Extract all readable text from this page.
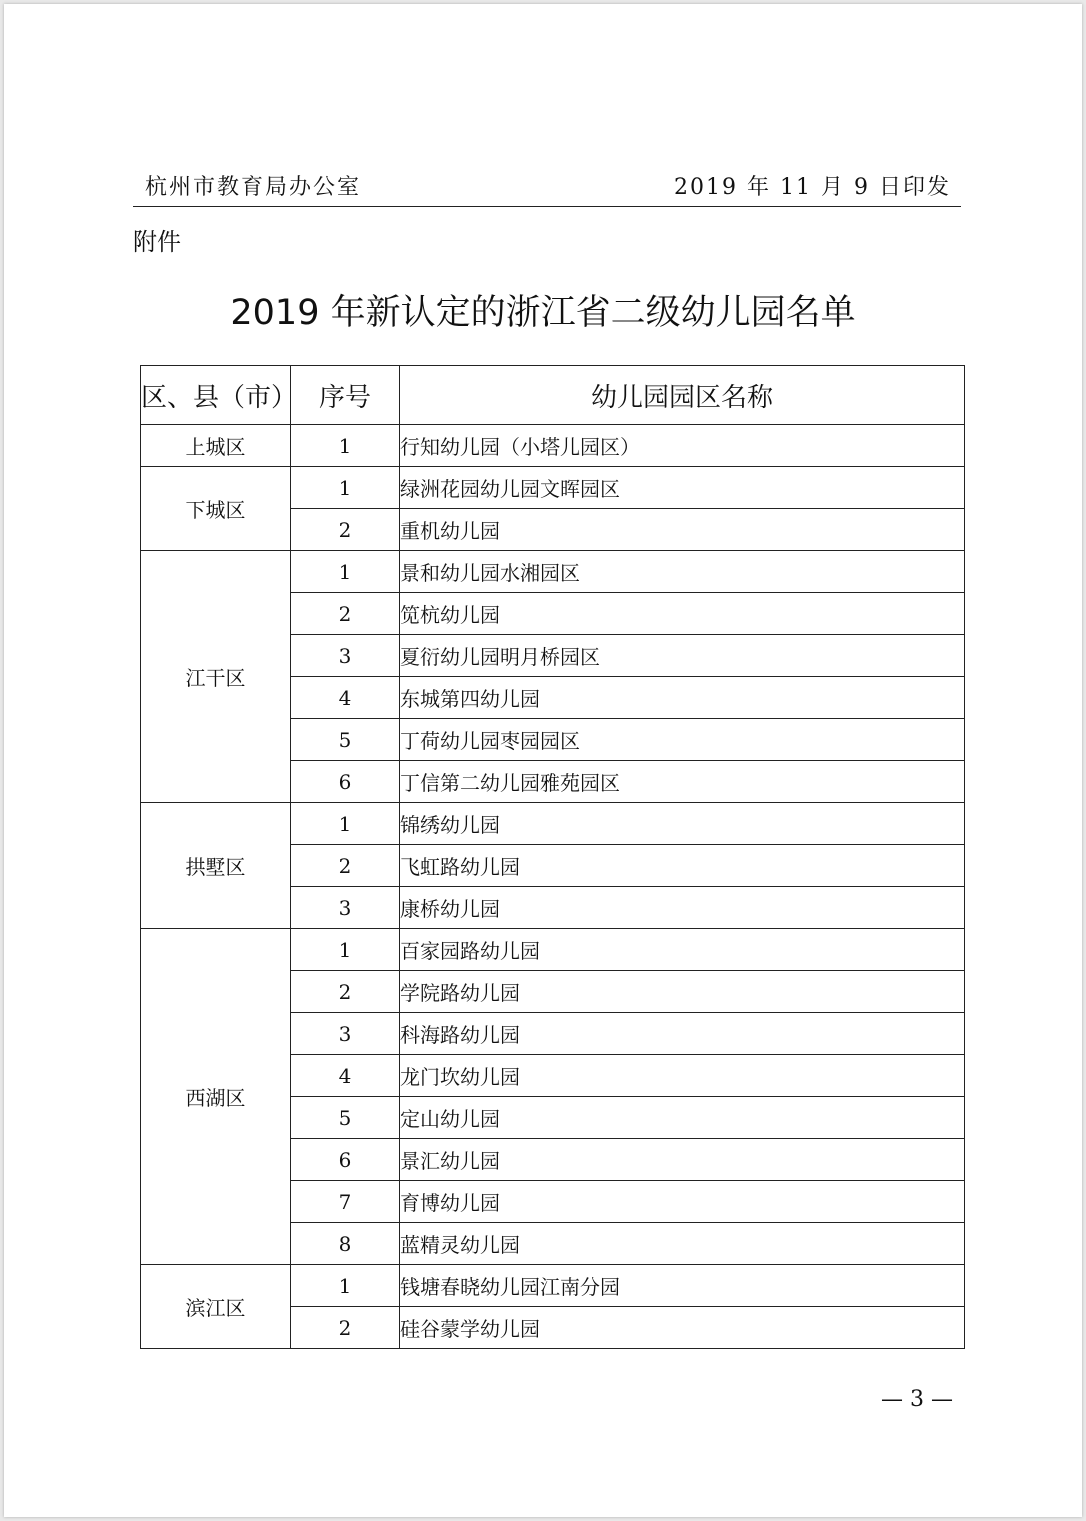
杭州市教育局办公室	2019 年 11 月 9 日印发
附件
2019 年新认定的浙江省二级幼儿园名单
区、县（市）	序号	幼儿园园区名称
上城区	1	行知幼儿园（小塔儿园区）
下城区	1	绿洲花园幼儿园文晖园区
	2	重机幼儿园
江干区	1	景和幼儿园水湘园区
	2	笕杭幼儿园
	3	夏衍幼儿园明月桥园区
	4	东城第四幼儿园
	5	丁荷幼儿园枣园园区
	6	丁信第二幼儿园雅苑园区
拱墅区	1	锦绣幼儿园
	2	飞虹路幼儿园
	3	康桥幼儿园
西湖区	1	百家园路幼儿园
	2	学院路幼儿园
	3	科海路幼儿园
	4	龙门坎幼儿园
	5	定山幼儿园
	6	景汇幼儿园
	7	育博幼儿园
	8	蓝精灵幼儿园
滨江区	1	钱塘春晓幼儿园江南分园
	2	硅谷蒙学幼儿园
— 3 —
